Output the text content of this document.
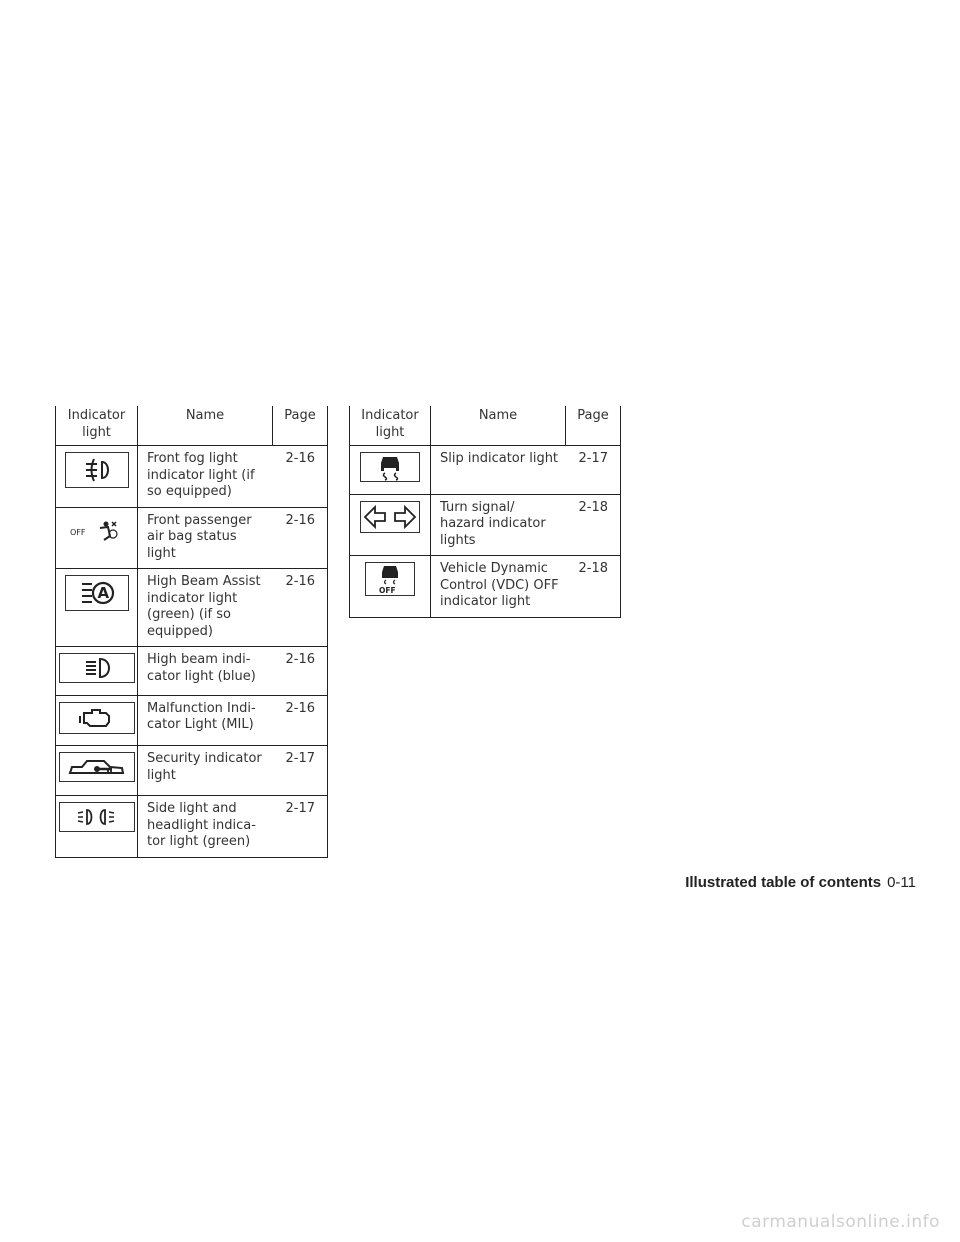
Indicator light	Name	Page

	Front fog light indicator light (if so equipped)	2-16

OFF	Front passenger air bag status light	2-16

A	High Beam Assist indicator light (green) (if so equipped)	2-16

	High beam indi- cator light (blue)	2-16

	Malfunction Indi- cator Light (MIL)	2-16

	Security indicator light	2-17

	Side light and headlight indica- tor light (green)	2-17
Indicator light	Name	Page

	Slip indicator light	2-17

	Turn signal/ hazard indicator lights	2-18

OFF	Vehicle Dynamic Control (VDC) OFF indicator light	2-18
Illustrated table of contents 0-11
carmanualsonline.info
